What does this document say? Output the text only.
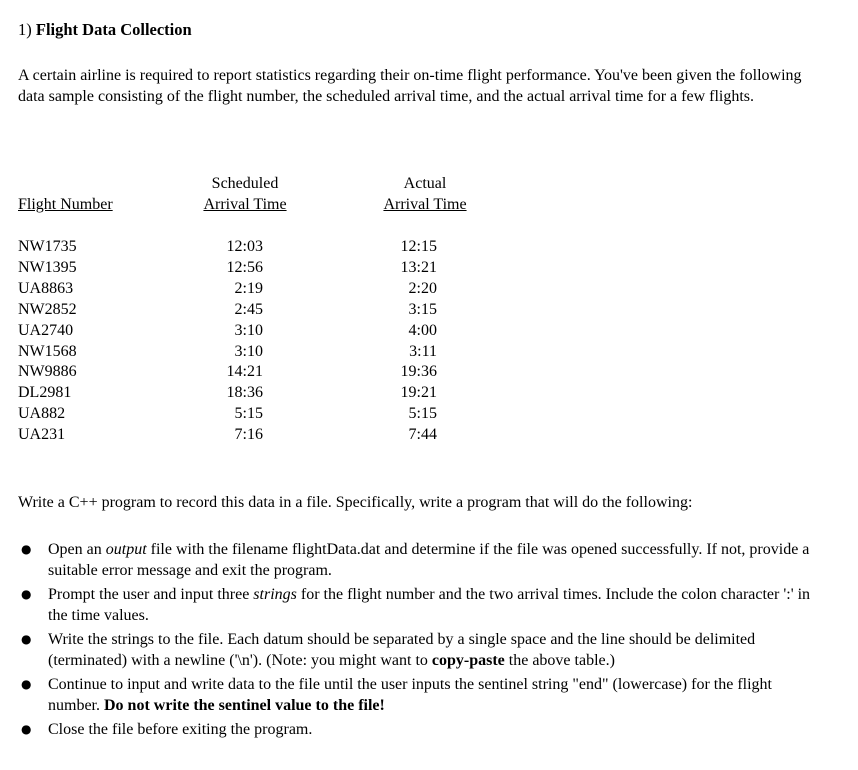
1) Flight Data Collection
A certain airline is required to report statistics regarding their on-time flight performance. You've been given the following data sample consisting of the flight number, the scheduled arrival time, and the actual arrival time for a few flights.
Flight Number
Scheduled
Arrival Time
Actual
Arrival Time
NW1735
NW1395
UA8863
NW2852
UA2740
NW1568
NW9886
DL2981
UA882
UA231
12:03
12:56
2:19
2:45
3:10
3:10
14:21
18:36
5:15
7:16
12:15
13:21
2:20
3:15
4:00
3:11
19:36
19:21
5:15
7:44
Write a C++ program to record this data in a file. Specifically, write a program that will do the following:
● Open an output file with the filename flightData.dat and determine if the file was opened successfully. If not, provide a suitable error message and exit the program.
● Prompt the user and input three strings for the flight number and the two arrival times. Include the colon character ':' in the time values.
● Write the strings to the file. Each datum should be separated by a single space and the line should be delimited (terminated) with a newline ('\n'). (Note: you might want to copy-paste the above table.)
● Continue to input and write data to the file until the user inputs the sentinel string "end" (lowercase) for the flight number. Do not write the sentinel value to the file!
● Close the file before exiting the program.
